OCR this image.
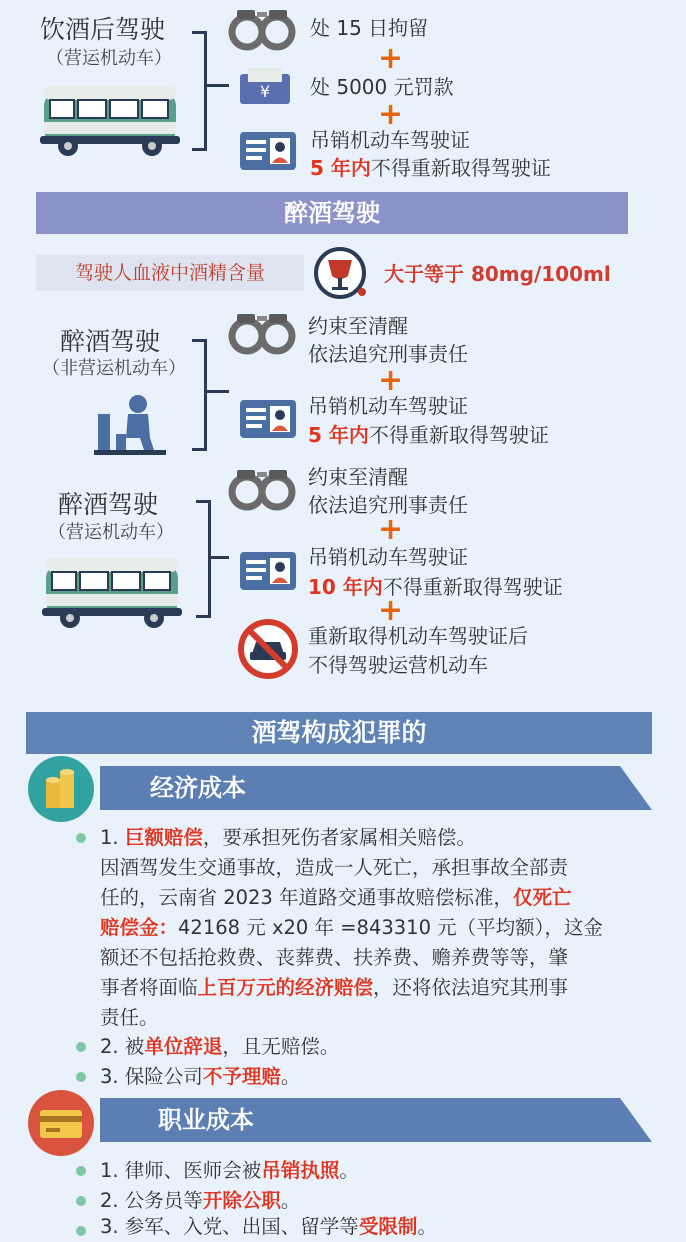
饮酒后驾驶
（营运机动车）
处 15 日拘留
+
¥ 处 5000 元罚款
+
吊销机动车驾驶证
5 年内不得重新取得驾驶证
醉酒驾驶
驾驶人血液中酒精含量	大于等于 80mg/100ml
醉酒驾驶
（非营运机动车）
约束至清醒
依法追究刑事责任
+
吊销机动车驾驶证
5 年内不得重新取得驾驶证
醉酒驾驶
（营运机动车）
约束至清醒
依法追究刑事责任
+
吊销机动车驾驶证
10 年内不得重新取得驾驶证
+
重新取得机动车驾驶证后
不得驾驶运营机动车
酒驾构成犯罪的
经济成本
1. 巨额赔偿，要承担死伤者家属相关赔偿。
因酒驾发生交通事故，造成一人死亡，承担事故全部责
任的，云南省 2023 年道路交通事故赔偿标准，仅死亡
赔偿金：42168 元 x20 年 =843310 元（平均额），这金
额还不包括抢救费、丧葬费、扶养费、赡养费等等，肇
事者将面临上百万元的经济赔偿，还将依法追究其刑事
责任。
2. 被单位辞退，且无赔偿。
3. 保险公司不予理赔。
职业成本
1. 律师、医师会被吊销执照。
2. 公务员等开除公职。
3. 参军、入党、出国、留学等受限制。
